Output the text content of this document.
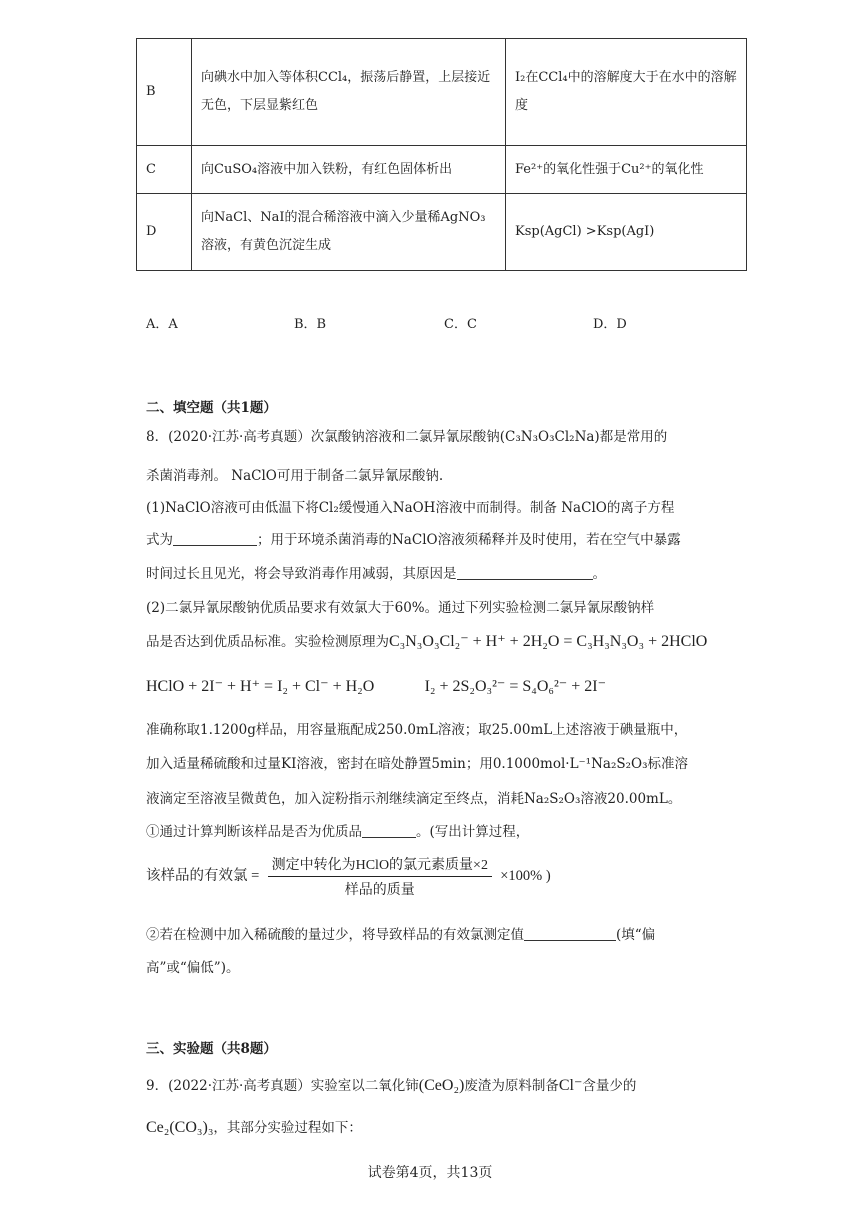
B	向碘水中加入等体积CCl₄，振荡后静置，上层接近无色，下层显紫红色	I₂在CCl₄中的溶解度大于在水中的溶解度
C	向CuSO₄溶液中加入铁粉，有红色固体析出	Fe²⁺的氧化性强于Cu²⁺的氧化性
D	向NaCl、NaI的混合稀溶液中滴入少量稀AgNO₃溶液，有黄色沉淀生成	Ksp(AgCl) >Ksp(AgI)
A．A	B．B	C．C	D．D
二、填空题（共1题）
8．(2020·江苏·高考真题）次氯酸钠溶液和二氯异氰尿酸钠(C₃N₃O₃Cl₂Na)都是常用的
杀菌消毒剂。 NaClO可用于制备二氯异氰尿酸钠.
(1)NaClO溶液可由低温下将Cl₂缓慢通入NaOH溶液中而制得。制备 NaClO的离子方程
式为	；用于环境杀菌消毒的NaClO溶液须稀释并及时使用，若在空气中暴露
时间过长且见光，将会导致消毒作用减弱，其原因是	。
(2)二氯异氰尿酸钠优质品要求有效氯大于60%。通过下列实验检测二氯异氰尿酸钠样
品是否达到优质品标准。实验检测原理为C₃N₃O₃Cl₂⁻ + H⁺ + 2H₂O = C₃H₃N₃O₃ + 2HClO
HClO + 2I⁻ + H⁺ = I₂ + Cl⁻ + H₂O	I₂ + 2S₂O₃²⁻ = S₄O₆²⁻ + 2I⁻
准确称取1.1200g样品，用容量瓶配成250.0mL溶液；取25.00mL上述溶液于碘量瓶中，
加入适量稀硫酸和过量KI溶液，密封在暗处静置5min；用0.1000mol·L⁻¹Na₂S₂O₃标准溶
液滴定至溶液呈微黄色，加入淀粉指示剂继续滴定至终点，消耗Na₂S₂O₃溶液20.00mL。
①通过计算判断该样品是否为优质品	。(写出计算过程，
该样品的有效氯 = $\frac{\text{测定中转化为HClO的氯元素质量×2}}{\text{样品的质量}} \times 100\%$ )
②若在检测中加入稀硫酸的量过少，将导致样品的有效氯测定值	(填“偏
高”或“偏低”)。
三、实验题（共8题）
9．(2022·江苏·高考真题）实验室以二氧化铈(CeO₂)废渣为原料制备Cl⁻含量少的
Ce₂(CO₃)₃，其部分实验过程如下：
试卷第4页，共13页
